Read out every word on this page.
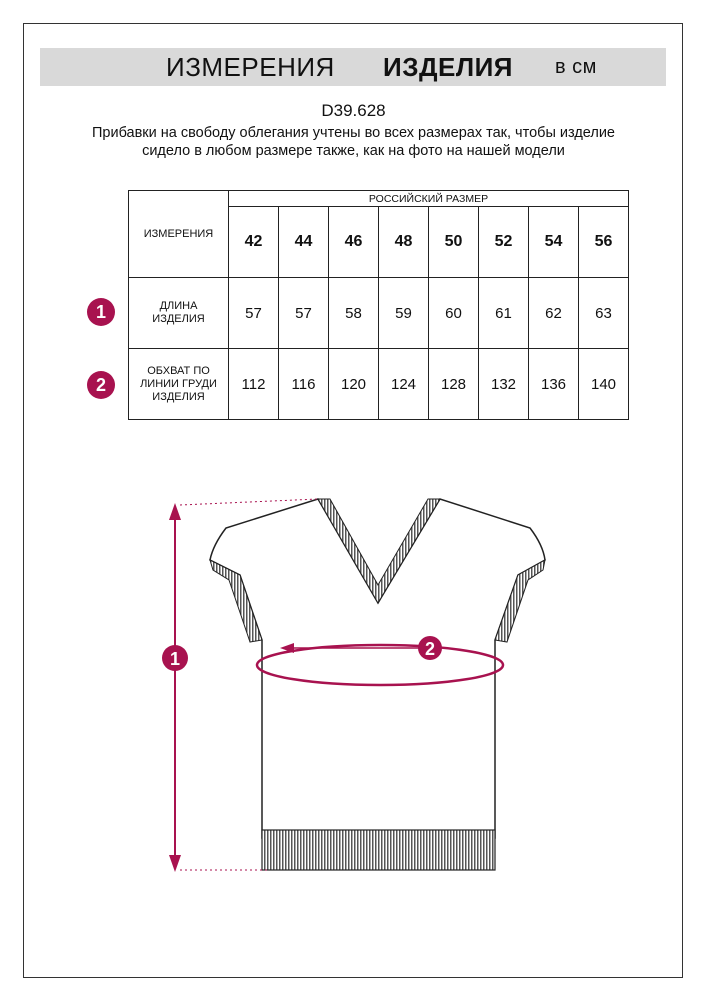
ИЗМЕРЕНИЯ ИЗДЕЛИЯ в см
D39.628
Прибавки на свободу облегания учтены во всех размерах так, чтобы изделие сидело в любом размере также, как на фото на нашей модели
ИЗМЕРЕНИЯ	РОССИЙСКИЙ РАЗМЕР							
	42	44	46	48	50	52	54	56

ДЛИНА
ИЗДЕЛИЯ	57	57	58	59	60	61	62	63

ОБХВАТ ПО
ЛИНИИ ГРУДИ
ИЗДЕЛИЯ	112	116	120	124	128	132	136	140
1
2
2
1
